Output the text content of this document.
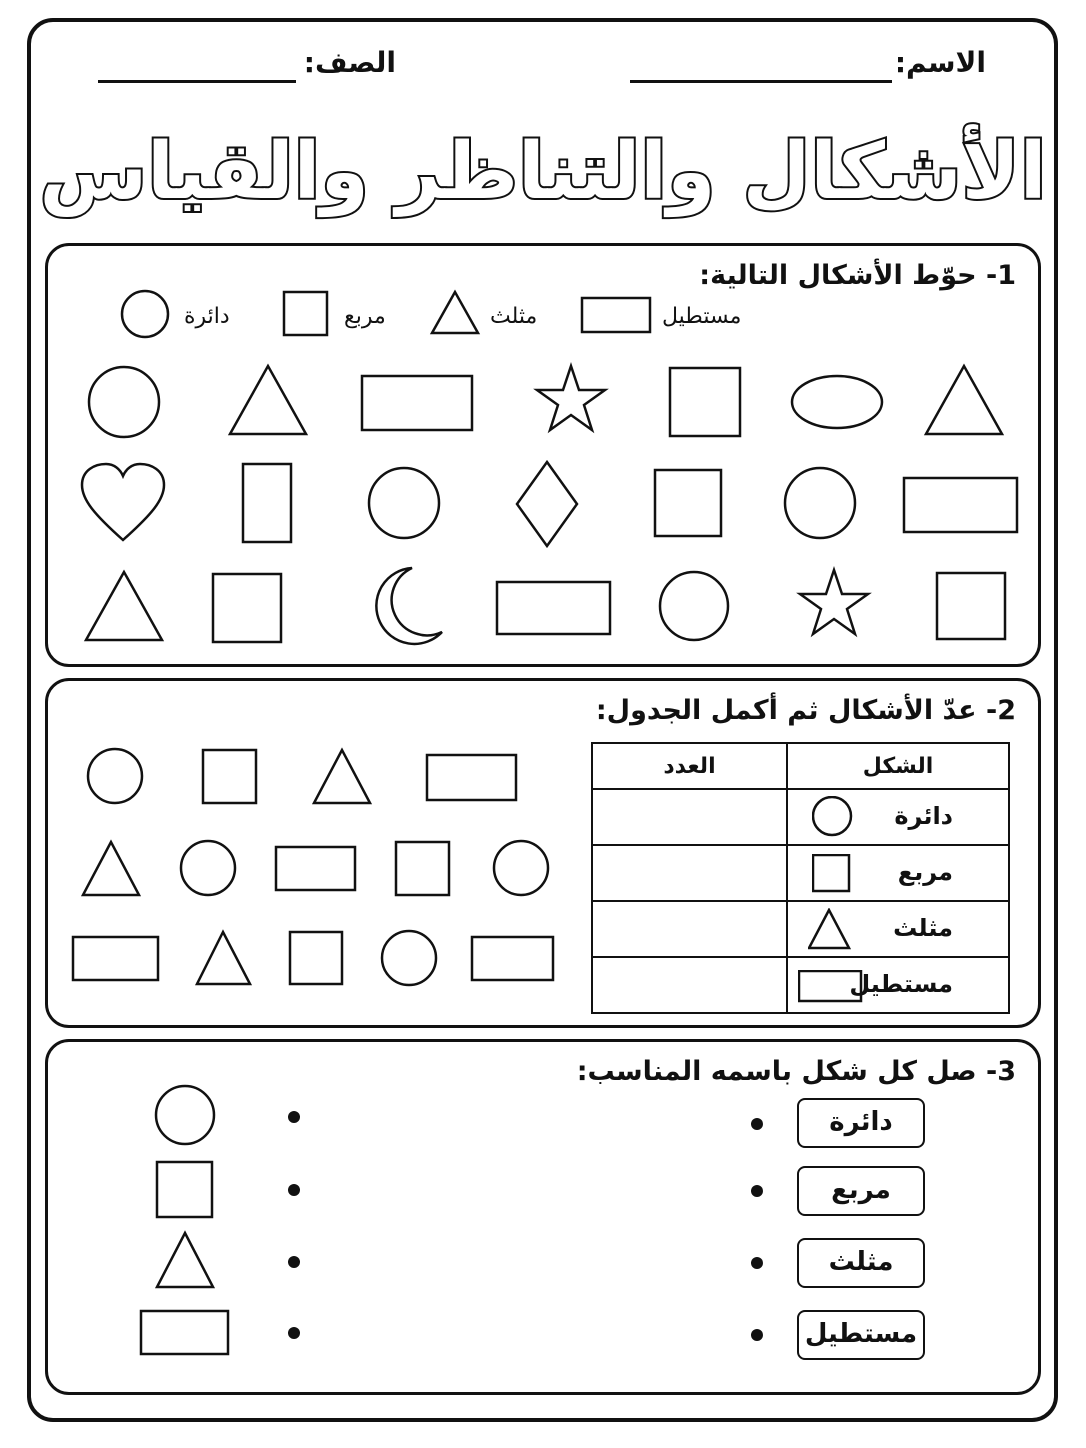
الاسم:
الصف:
الأشكال والتناظر والقياس
1- حوّط الأشكال التالية:
مستطيل
مثلث
مربع
دائرة
2- عدّ الأشكال ثم أكمل الجدول:
الشكل	العدد

دائرة	

مربع	

مثلث	

مستطيل	

3- صل كل شكل باسمه المناسب:
دائرة
مربع
مثلث
مستطيل
